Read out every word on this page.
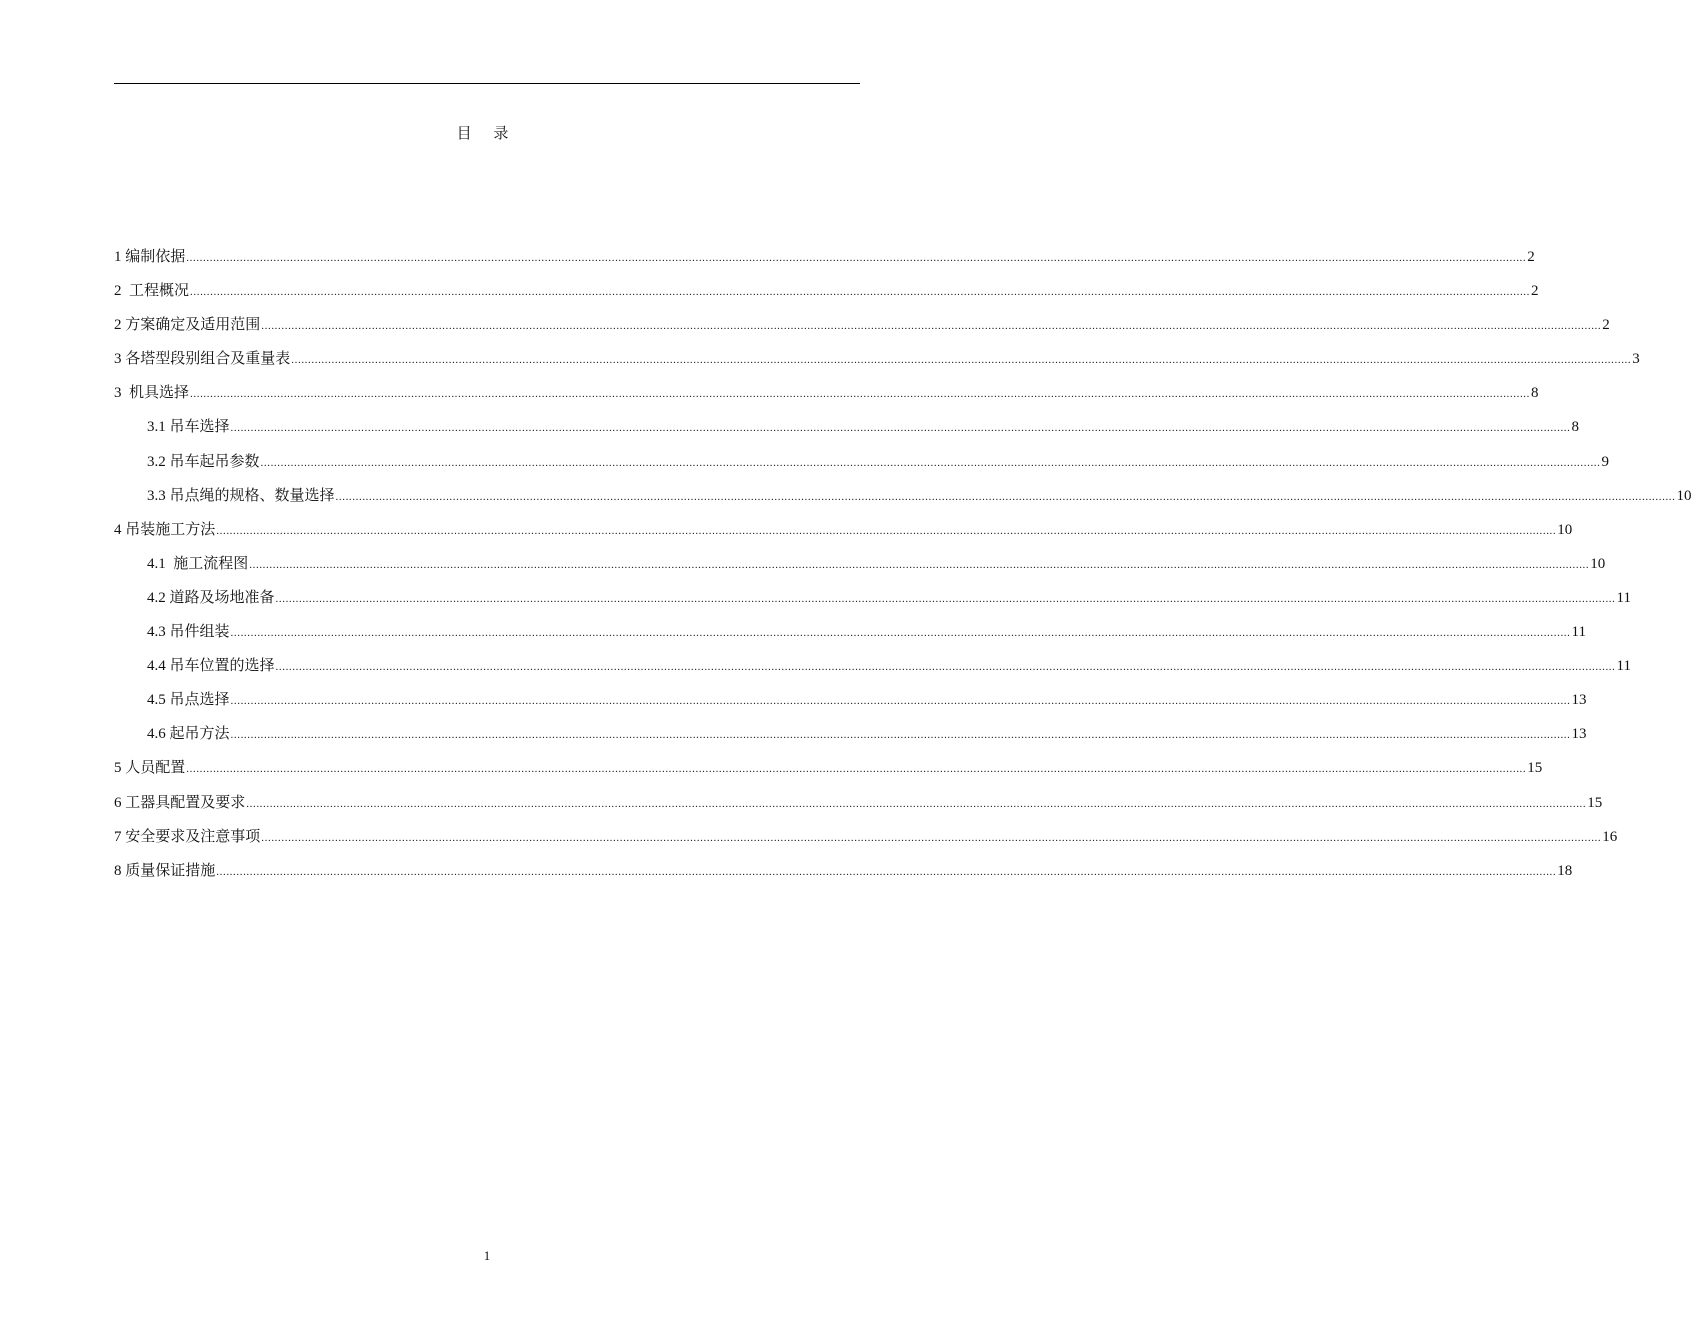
目 录
1 编制依据 ................................................................................................................................................................................................................................................................................................................................................................................................................ 2
2  工程概况 ................................................................................................................................................................................................................................................................................................................................................................................................................ 2
2 方案确定及适用范围 ................................................................................................................................................................................................................................................................................................................................................................................................................ 2
3 各塔型段别组合及重量表 ................................................................................................................................................................................................................................................................................................................................................................................................................ 3
3  机具选择 ................................................................................................................................................................................................................................................................................................................................................................................................................ 8
3.1 吊车选择 ................................................................................................................................................................................................................................................................................................................................................................................................................ 8
3.2 吊车起吊参数 ................................................................................................................................................................................................................................................................................................................................................................................................................ 9
3.3 吊点绳的规格、数量选择 ................................................................................................................................................................................................................................................................................................................................................................................................................ 10
4 吊装施工方法 ................................................................................................................................................................................................................................................................................................................................................................................................................ 10
4.1  施工流程图 ................................................................................................................................................................................................................................................................................................................................................................................................................ 10
4.2 道路及场地准备 ................................................................................................................................................................................................................................................................................................................................................................................................................ 11
4.3 吊件组装 ................................................................................................................................................................................................................................................................................................................................................................................................................ 11
4.4 吊车位置的选择 ................................................................................................................................................................................................................................................................................................................................................................................................................ 11
4.5 吊点选择 ................................................................................................................................................................................................................................................................................................................................................................................................................ 13
4.6 起吊方法 ................................................................................................................................................................................................................................................................................................................................................................................................................ 13
5 人员配置 ................................................................................................................................................................................................................................................................................................................................................................................................................ 15
6 工器具配置及要求 ................................................................................................................................................................................................................................................................................................................................................................................................................ 15
7 安全要求及注意事项 ................................................................................................................................................................................................................................................................................................................................................................................................................ 16
8 质量保证措施 ................................................................................................................................................................................................................................................................................................................................................................................................................ 18
1
